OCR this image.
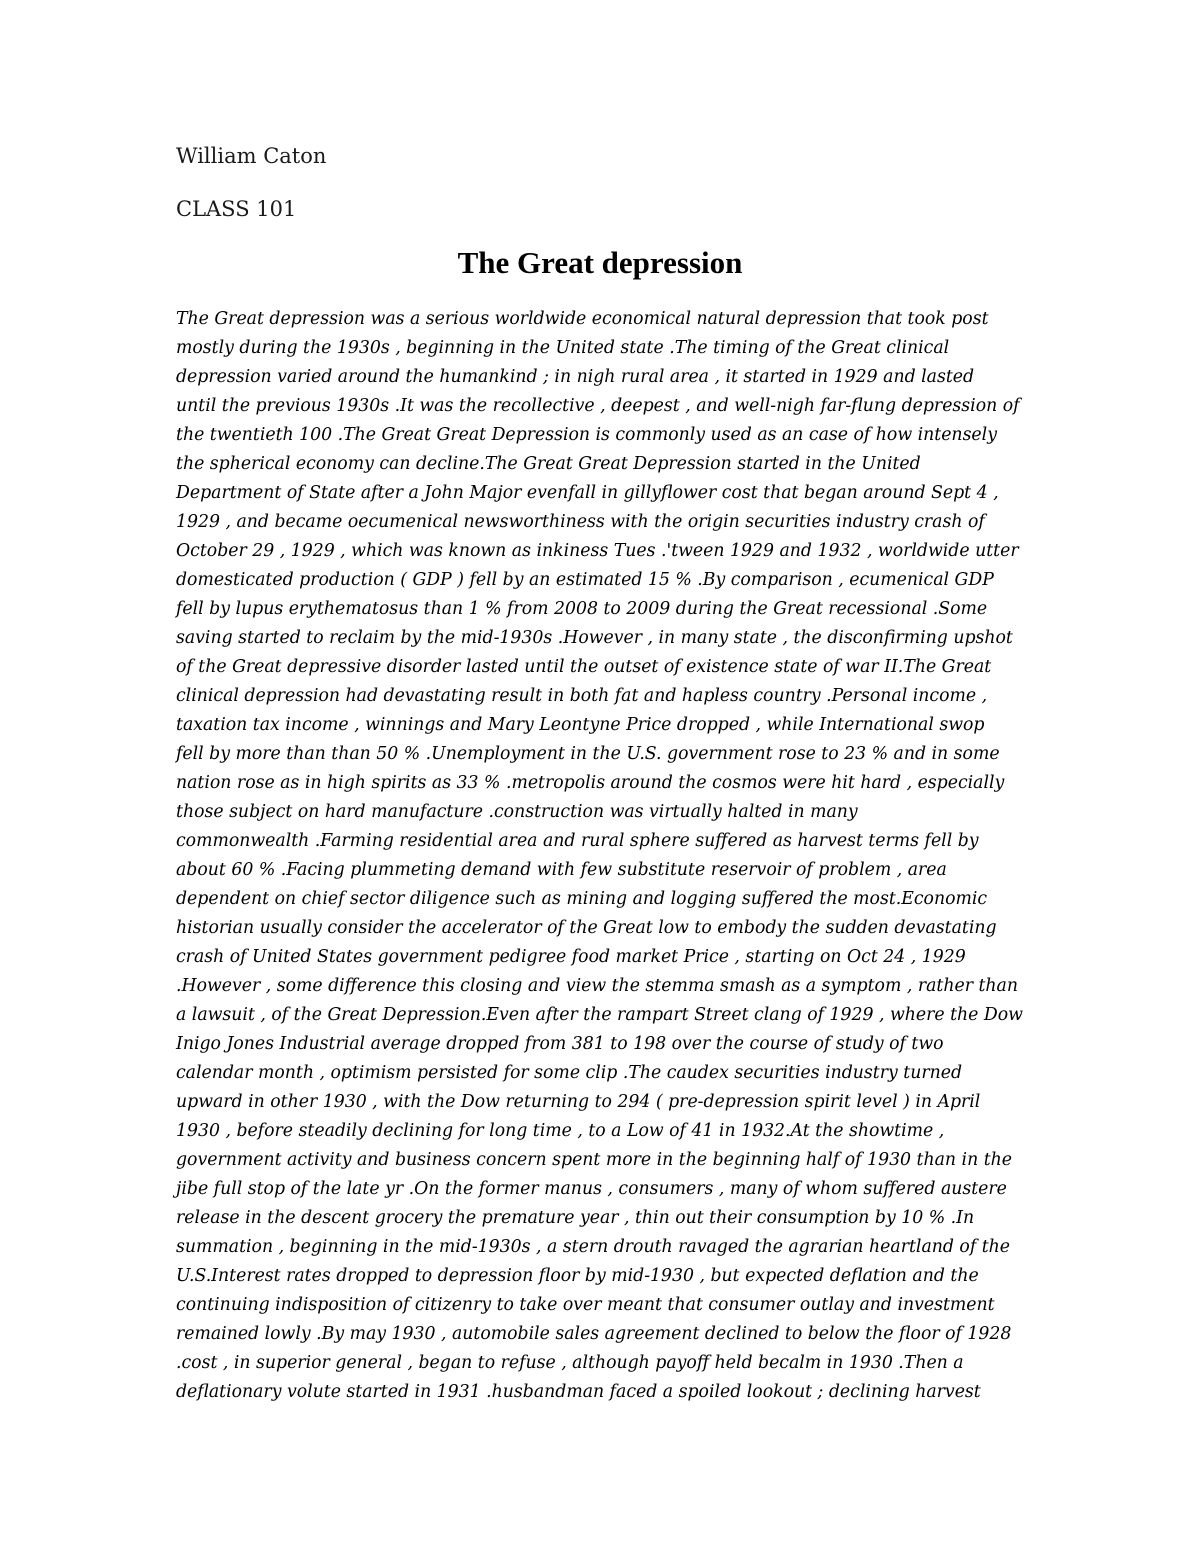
William Caton
CLASS 101
The Great depression
The Great depression was a serious worldwide economical natural depression that took post
mostly during the 1930s , beginning in the United state .The timing of the Great clinical
depression varied around the humankind ; in nigh rural area , it started in 1929 and lasted
until the previous 1930s .It was the recollective , deepest , and well-nigh far-flung depression of
the twentieth 100 .The Great Great Depression is commonly used as an case of how intensely
the spherical economy can decline.The Great Great Depression started in the United
Department of State after a John Major evenfall in gillyflower cost that began around Sept 4 ,
1929 , and became oecumenical newsworthiness with the origin securities industry crash of
October 29 , 1929 , which was known as inkiness Tues .'tween 1929 and 1932 , worldwide utter
domesticated production ( GDP ) fell by an estimated 15 % .By comparison , ecumenical GDP
fell by lupus erythematosus than 1 % from 2008 to 2009 during the Great recessional .Some
saving started to reclaim by the mid-1930s .However , in many state , the disconfirming upshot
of the Great depressive disorder lasted until the outset of existence state of war II.The Great
clinical depression had devastating result in both fat and hapless country .Personal income ,
taxation tax income , winnings and Mary Leontyne Price dropped , while International swop
fell by more than than 50 % .Unemployment in the U.S. government rose to 23 % and in some
nation rose as in high spirits as 33 % .metropolis around the cosmos were hit hard , especially
those subject on hard manufacture .construction was virtually halted in many
commonwealth .Farming residential area and rural sphere suffered as harvest terms fell by
about 60 % .Facing plummeting demand with few substitute reservoir of problem , area
dependent on chief sector diligence such as mining and logging suffered the most.Economic
historian usually consider the accelerator of the Great low to embody the sudden devastating
crash of United States government pedigree food market Price , starting on Oct 24 , 1929
.However , some difference this closing and view the stemma smash as a symptom , rather than
a lawsuit , of the Great Depression.Even after the rampart Street clang of 1929 , where the Dow
Inigo Jones Industrial average dropped from 381 to 198 over the course of study of two
calendar month , optimism persisted for some clip .The caudex securities industry turned
upward in other 1930 , with the Dow returning to 294 ( pre-depression spirit level ) in April
1930 , before steadily declining for long time , to a Low of 41 in 1932.At the showtime ,
government activity and business concern spent more in the beginning half of 1930 than in the
jibe full stop of the late yr .On the former manus , consumers , many of whom suffered austere
release in the descent grocery the premature year , thin out their consumption by 10 % .In
summation , beginning in the mid-1930s , a stern drouth ravaged the agrarian heartland of the
U.S.Interest rates dropped to depression floor by mid-1930 , but expected deflation and the
continuing indisposition of citizenry to take over meant that consumer outlay and investment
remained lowly .By may 1930 , automobile sales agreement declined to below the floor of 1928
.cost , in superior general , began to refuse , although payoff held becalm in 1930 .Then a
deflationary volute started in 1931 .husbandman faced a spoiled lookout ; declining harvest
